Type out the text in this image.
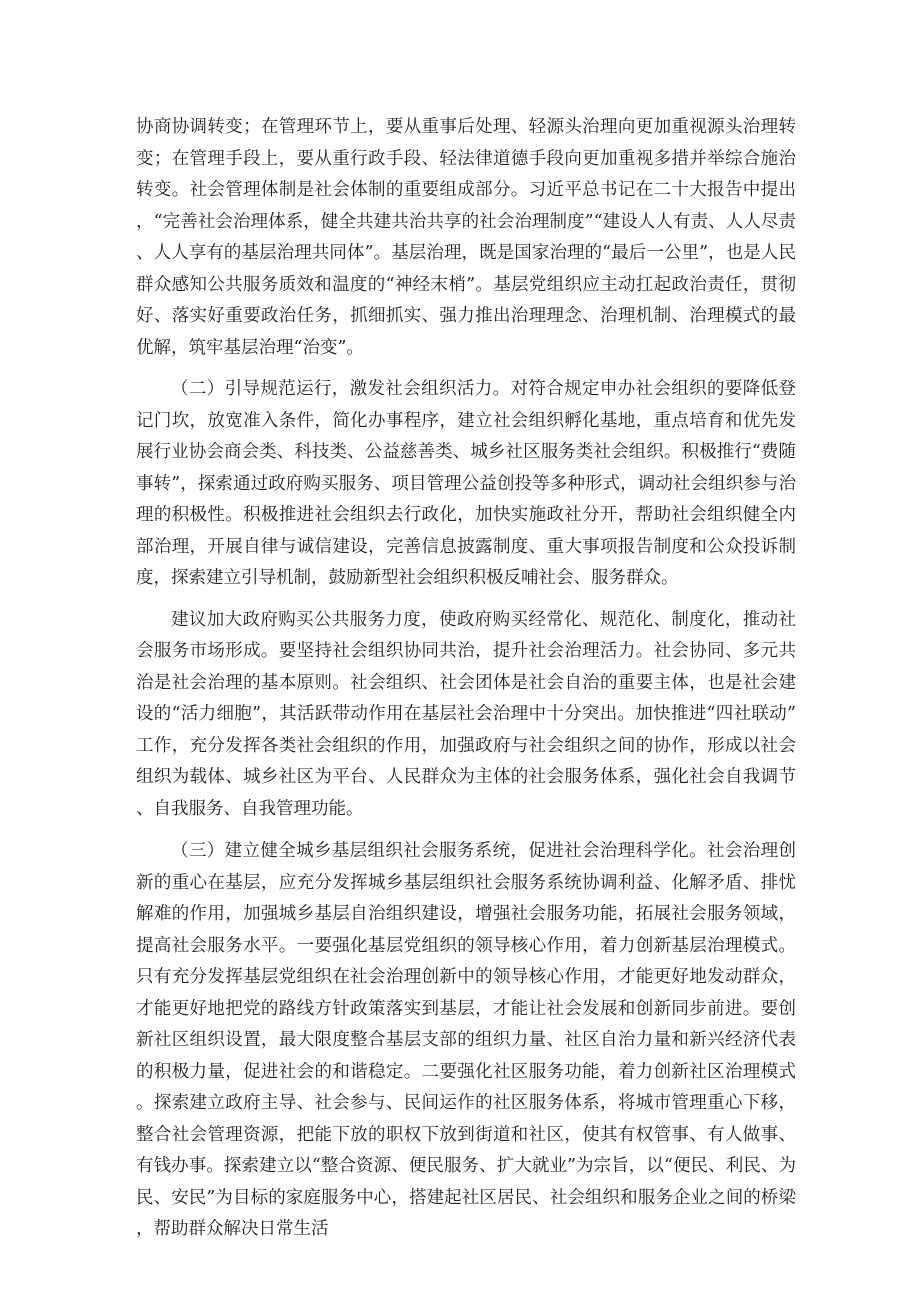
协商协调转变；在管理环节上，要从重事后处理、轻源头治理向更加重视源头治理转变；在管理手段上，要从重行政手段、轻法律道德手段向更加重视多措并举综合施治转变。社会管理体制是社会体制的重要组成部分。习近平总书记在二十大报告中提出，“完善社会治理体系，健全共建共治共享的社会治理制度”“建设人人有责、人人尽责、人人享有的基层治理共同体”。基层治理，既是国家治理的“最后一公里”，也是人民群众感知公共服务质效和温度的“神经末梢”。基层党组织应主动扛起政治责任，贯彻好、落实好重要政治任务，抓细抓实、强力推出治理理念、治理机制、治理模式的最优解，筑牢基层治理“治变”。

（二）引导规范运行，激发社会组织活力。对符合规定申办社会组织的要降低登记门坎，放宽准入条件，简化办事程序，建立社会组织孵化基地，重点培育和优先发展行业协会商会类、科技类、公益慈善类、城乡社区服务类社会组织。积极推行“费随事转”，探索通过政府购买服务、项目管理公益创投等多种形式，调动社会组织参与治理的积极性。积极推进社会组织去行政化，加快实施政社分开，帮助社会组织健全内部治理，开展自律与诚信建设，完善信息披露制度、重大事项报告制度和公众投诉制度，探索建立引导机制，鼓励新型社会组织积极反哺社会、服务群众。

建议加大政府购买公共服务力度，使政府购买经常化、规范化、制度化，推动社会服务市场形成。要坚持社会组织协同共治，提升社会治理活力。社会协同、多元共治是社会治理的基本原则。社会组织、社会团体是社会自治的重要主体，也是社会建设的“活力细胞”，其活跃带动作用在基层社会治理中十分突出。加快推进“四社联动”工作，充分发挥各类社会组织的作用，加强政府与社会组织之间的协作，形成以社会组织为载体、城乡社区为平台、人民群众为主体的社会服务体系，强化社会自我调节、自我服务、自我管理功能。

（三）建立健全城乡基层组织社会服务系统，促进社会治理科学化。社会治理创新的重心在基层，应充分发挥城乡基层组织社会服务系统协调利益、化解矛盾、排忧解难的作用，加强城乡基层自治组织建设，增强社会服务功能，拓展社会服务领域，提高社会服务水平。一要强化基层党组织的领导核心作用，着力创新基层治理模式。只有充分发挥基层党组织在社会治理创新中的领导核心作用，才能更好地发动群众，才能更好地把党的路线方针政策落实到基层，才能让社会发展和创新同步前进。要创新社区组织设置，最大限度整合基层支部的组织力量、社区自治力量和新兴经济代表的积极力量，促进社会的和谐稳定。二要强化社区服务功能，着力创新社区治理模式。探索建立政府主导、社会参与、民间运作的社区服务体系，将城市管理重心下移，整合社会管理资源，把能下放的职权下放到街道和社区，使其有权管事、有人做事、有钱办事。探索建立以“整合资源、便民服务、扩大就业”为宗旨，以“便民、利民、为民、安民”为目标的家庭服务中心，搭建起社区居民、社会组织和服务企业之间的桥梁，帮助群众解决日常生活
